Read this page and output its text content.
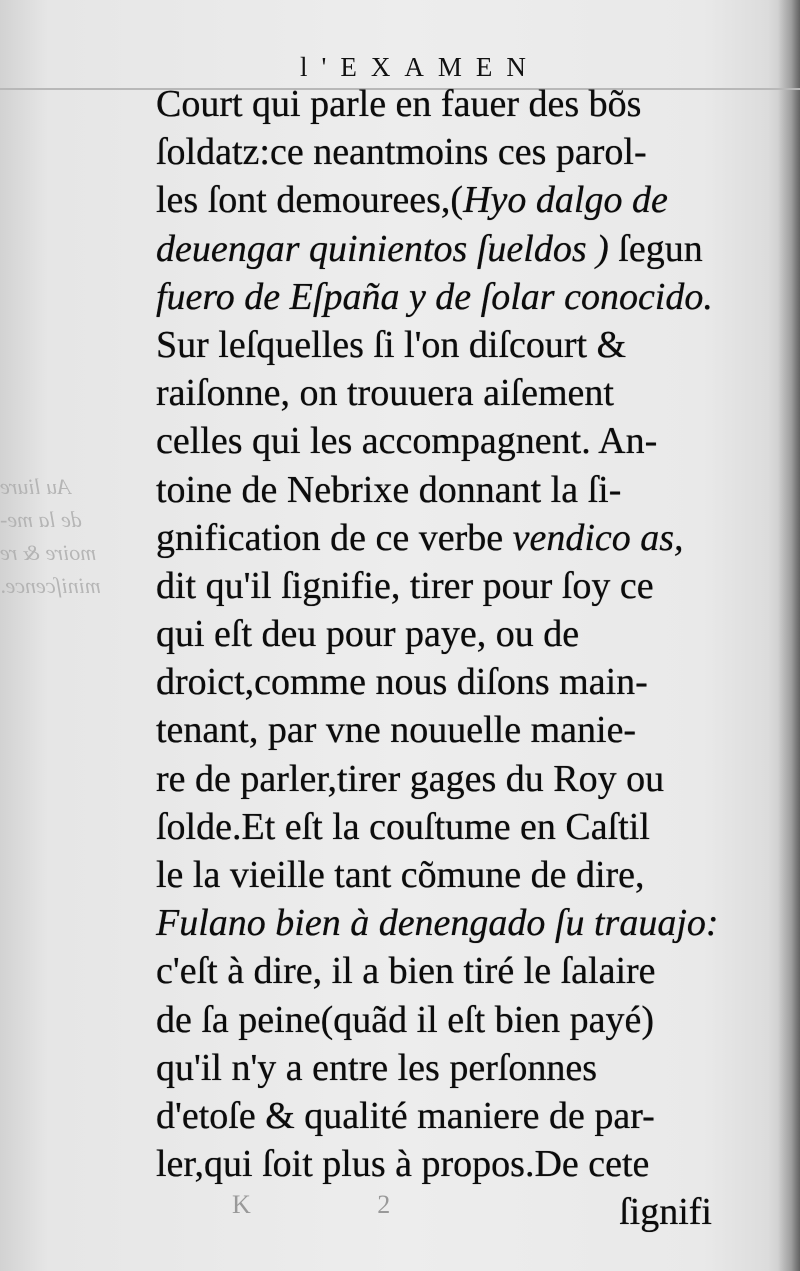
l'EXAMEN
Au liure
de la me-
moire & re
miniſcence.
Court qui parle en fauer des bõs
ſoldatz:ce neantmoins ces parol-
les ſont demourees,(Hyo dalgo de
deuengar quinientos ſueldos ) ſegun
fuero de Eſpaña y de ſolar conocido.
Sur leſquelles ſi l'on diſcourt &
raiſonne, on trouuera aiſement
celles qui les accompagnent. An-
toine de Nebrixe donnant la ſi-
gnification de ce verbe vendico as,
dit qu'il ſignifie, tirer pour ſoy ce
qui eſt deu pour paye, ou de
droict,comme nous diſons main-
tenant, par vne nouuelle manie-
re de parler,tirer gages du Roy ou
ſolde.Et eſt la couſtume en Caſtil
le la vieille tant cõmune de dire,
Fulano bien à denengado ſu trauajo:
c'eſt à dire, il a bien tiré le ſalaire
de ſa peine(quãd il eſt bien payé)
qu'il n'y a entre les perſonnes
d'etoſe & qualité maniere de par-
ler,qui ſoit plus à propos.De cete
ſignifi
K 2
